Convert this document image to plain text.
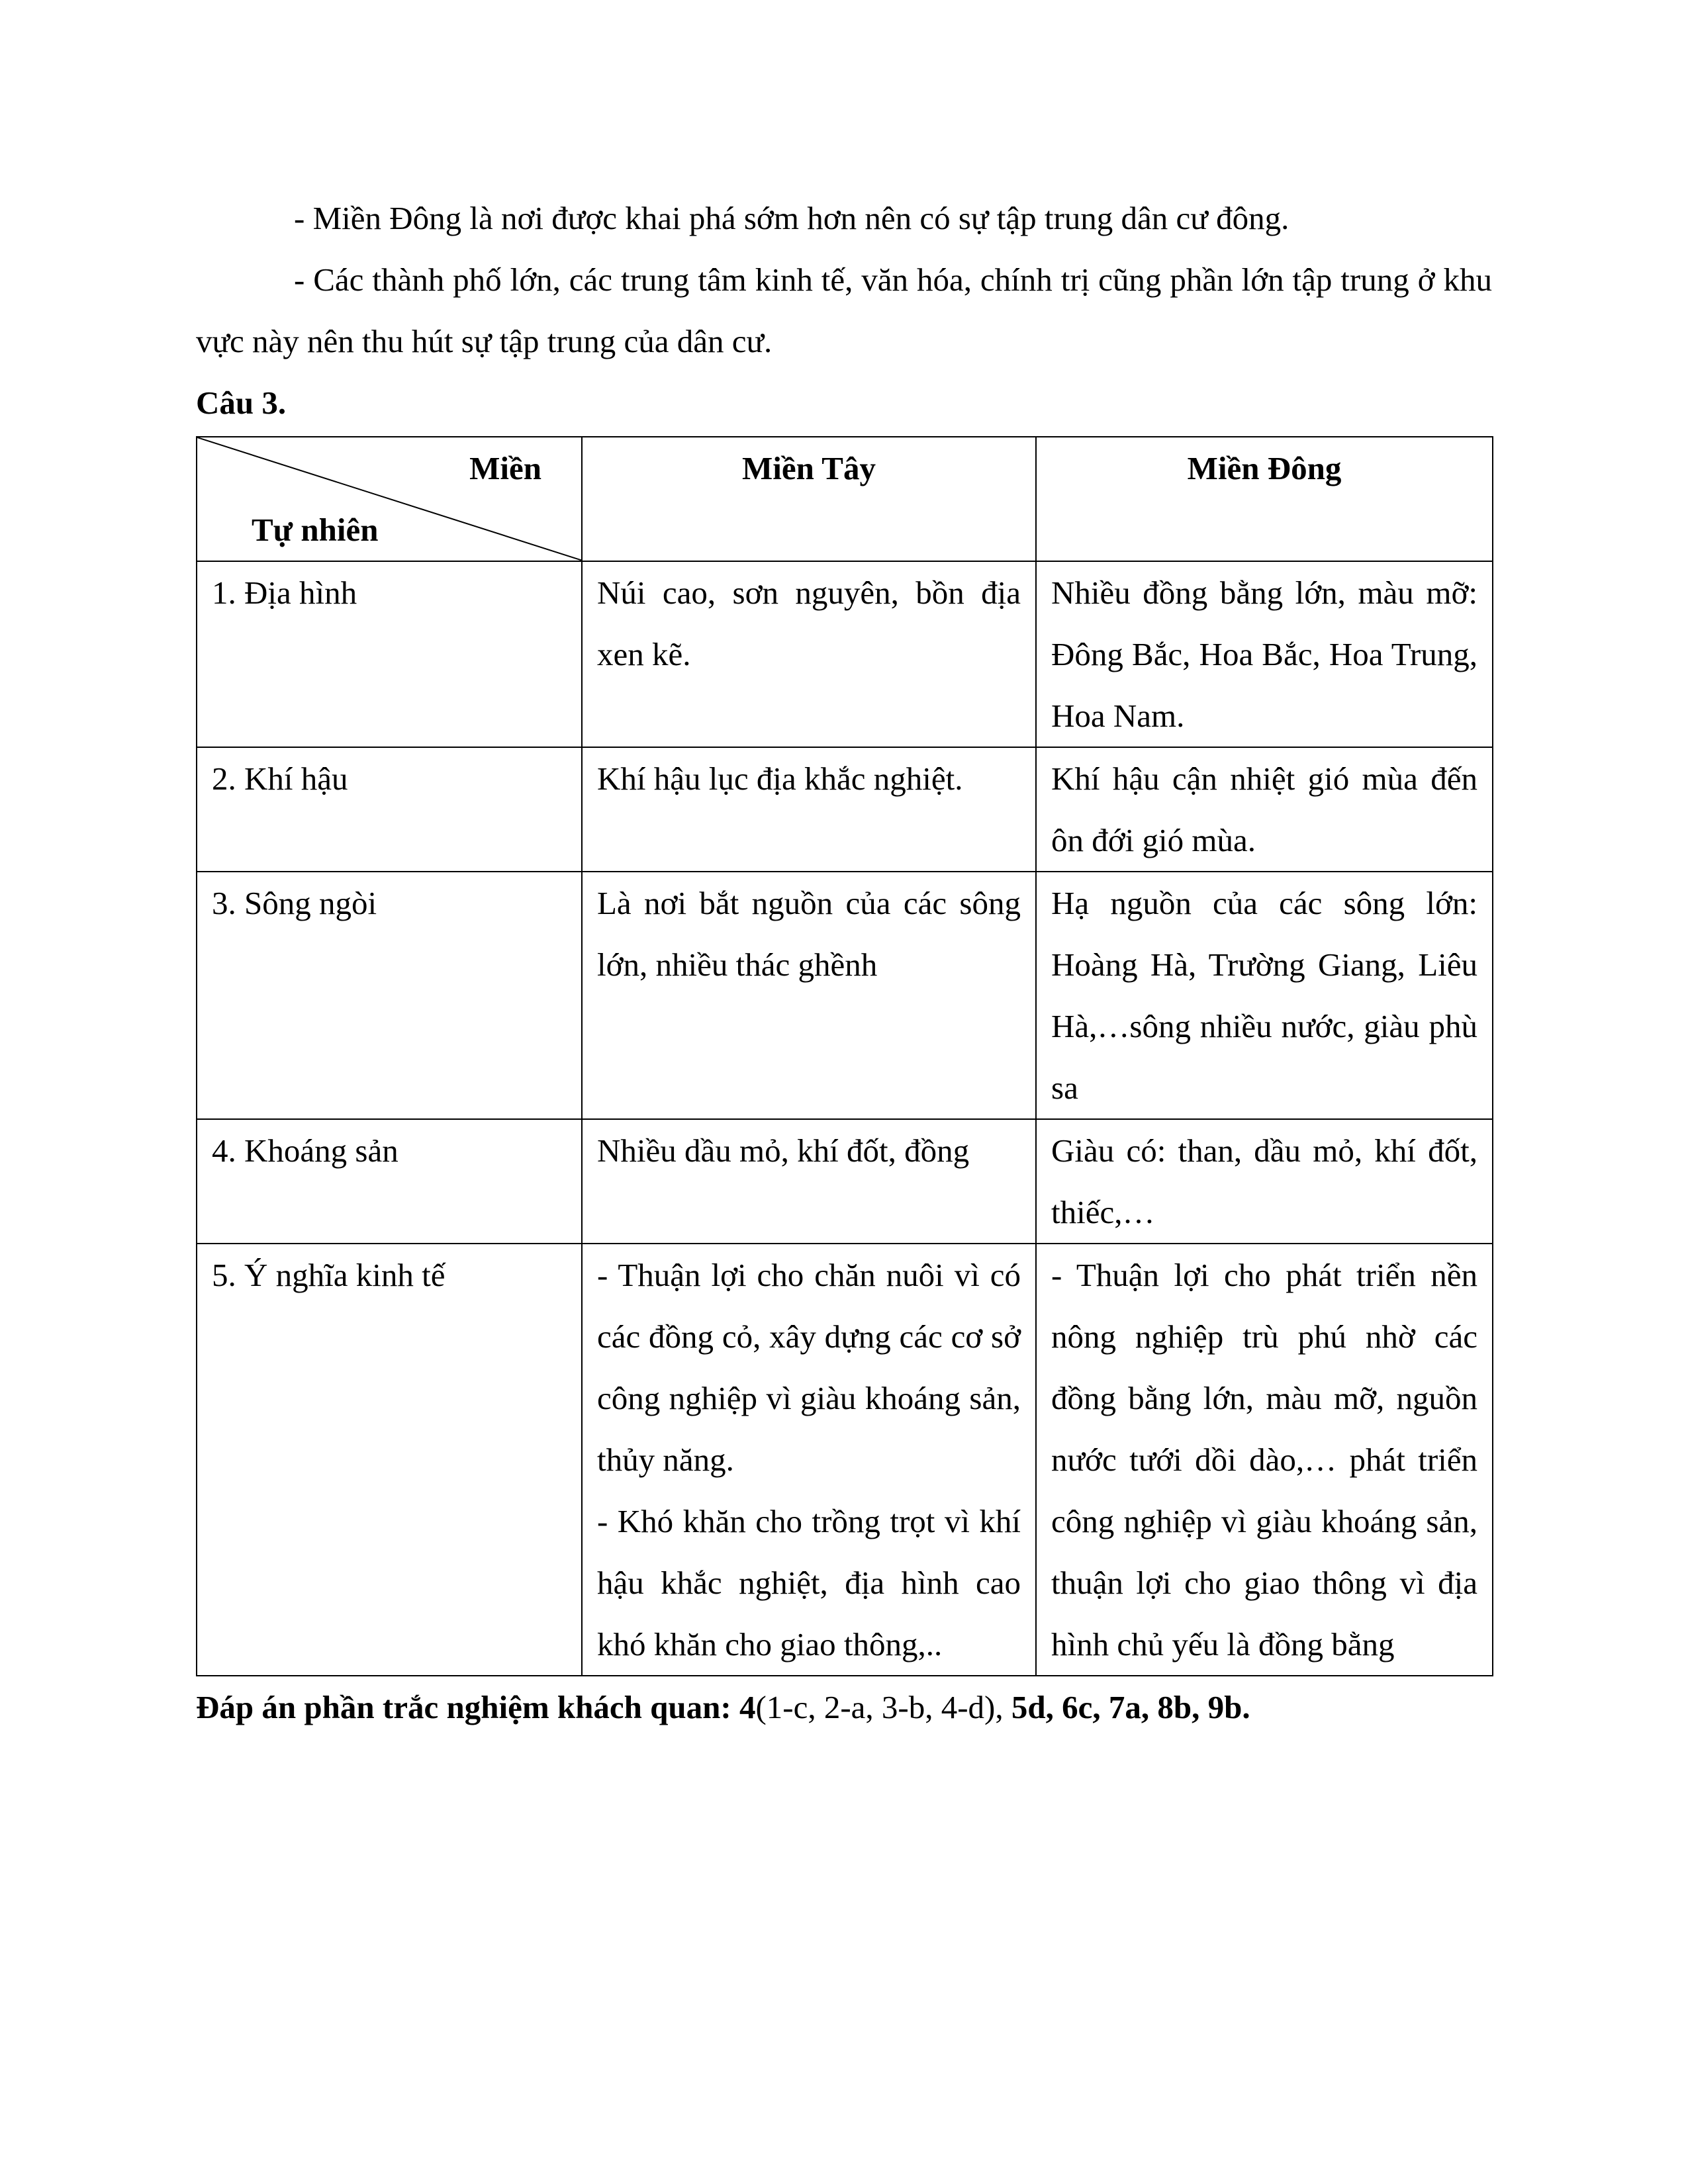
- Miền Đông là nơi được khai phá sớm hơn nên có sự tập trung dân cư đông.

- Các thành phố lớn, các trung tâm kinh tế, văn hóa, chính trị cũng phần lớn tập trung ở khu vực này nên thu hút sự tập trung của dân cư.

Câu 3.

Miền
Tự nhiên	Miền Tây	Miền Đông
1. Địa hình	Núi cao, sơn nguyên, bồn địa xen kẽ.	Nhiều đồng bằng lớn, màu mỡ: Đông Bắc, Hoa Bắc, Hoa Trung, Hoa Nam.

2. Khí hậu	Khí hậu lục địa khắc nghiệt.	Khí hậu cận nhiệt gió mùa đến ôn đới gió mùa.

3. Sông ngòi	Là nơi bắt nguồn của các sông lớn, nhiều thác ghềnh	Hạ nguồn của các sông lớn: Hoàng Hà, Trường Giang, Liêu Hà,…sông nhiều nước, giàu phù sa

4. Khoáng sản	Nhiều dầu mỏ, khí đốt, đồng	Giàu có: than, dầu mỏ, khí đốt, thiếc,…

5. Ý nghĩa kinh tế	- Thuận lợi cho chăn nuôi vì có các đồng cỏ, xây dựng các cơ sở công nghiệp vì giàu khoáng sản, thủy năng.
- Khó khăn cho trồng trọt vì khí hậu khắc nghiệt, địa hình cao khó khăn cho giao thông,..	- Thuận lợi cho phát triển nền nông nghiệp trù phú nhờ các đồng bằng lớn, màu mỡ, nguồn nước tưới dồi dào,… phát triển công nghiệp vì giàu khoáng sản, thuận lợi cho giao thông vì địa hình chủ yếu là đồng bằng

Đáp án phần trắc nghiệm khách quan: 4(1-c, 2-a, 3-b, 4-d), 5d, 6c, 7a, 8b, 9b.
